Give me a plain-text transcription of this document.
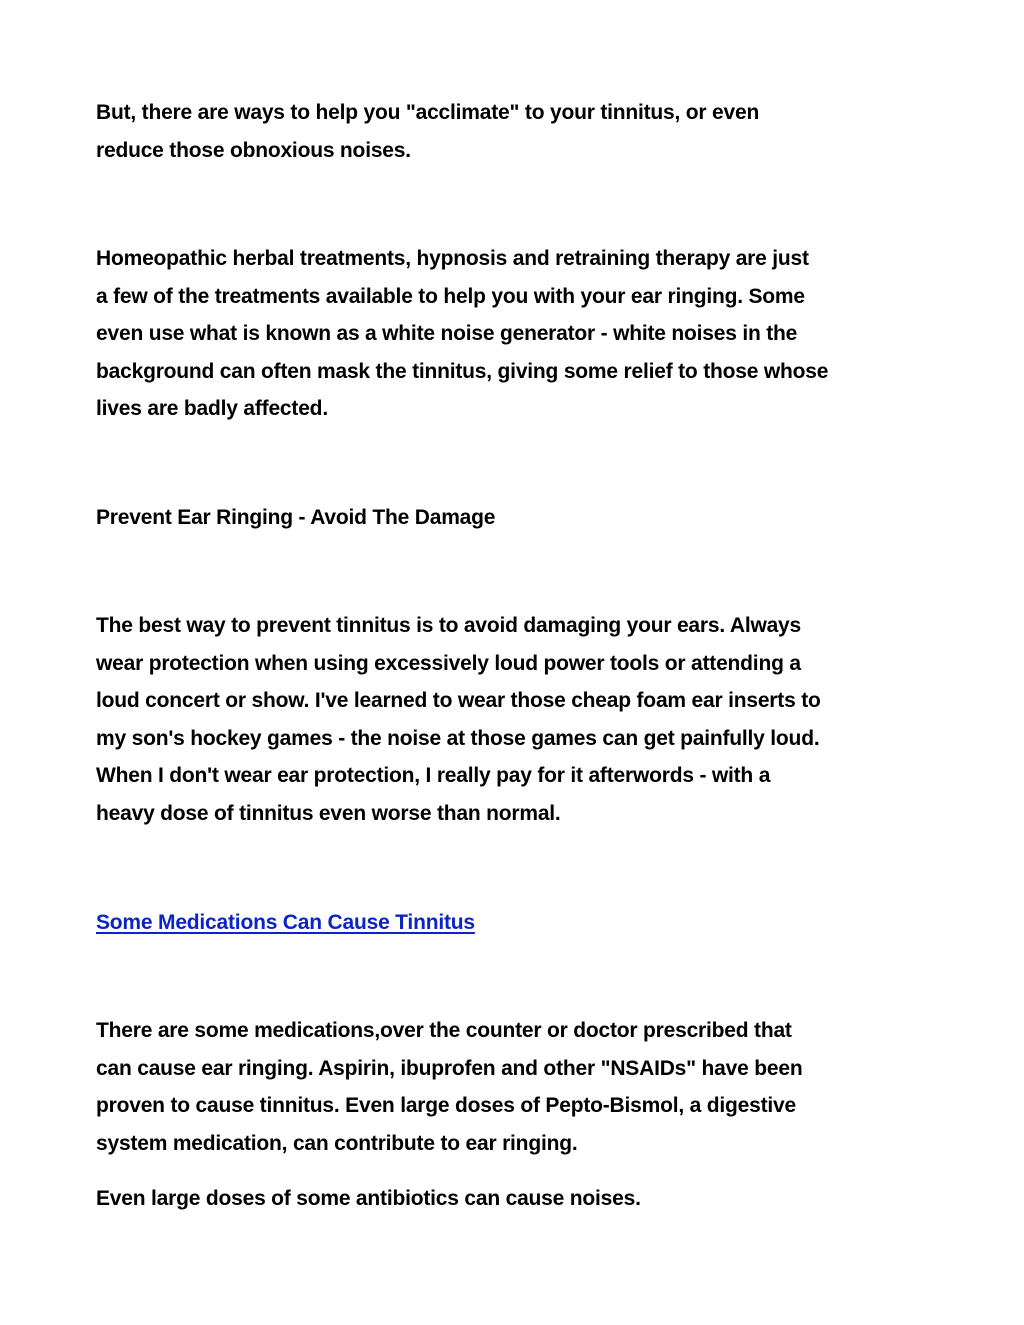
But, there are ways to help you "acclimate" to your tinnitus, or even
reduce those obnoxious noises.

Homeopathic herbal treatments, hypnosis and retraining therapy are just
a few of the treatments available to help you with your ear ringing. Some
even use what is known as a white noise generator - white noises in the
background can often mask the tinnitus, giving some relief to those whose
lives are badly affected.

Prevent Ear Ringing - Avoid The Damage

The best way to prevent tinnitus is to avoid damaging your ears. Always
wear protection when using excessively loud power tools or attending a
loud concert or show. I've learned to wear those cheap foam ear inserts to
my son's hockey games - the noise at those games can get painfully loud.
When I don't wear ear protection, I really pay for it afterwords - with a
heavy dose of tinnitus even worse than normal.

Some Medications Can Cause Tinnitus

There are some medications,over the counter or doctor prescribed that
can cause ear ringing. Aspirin, ibuprofen and other "NSAIDs" have been
proven to cause tinnitus. Even large doses of Pepto-Bismol, a digestive
system medication, can contribute to ear ringing.

Even large doses of some antibiotics can cause noises.
